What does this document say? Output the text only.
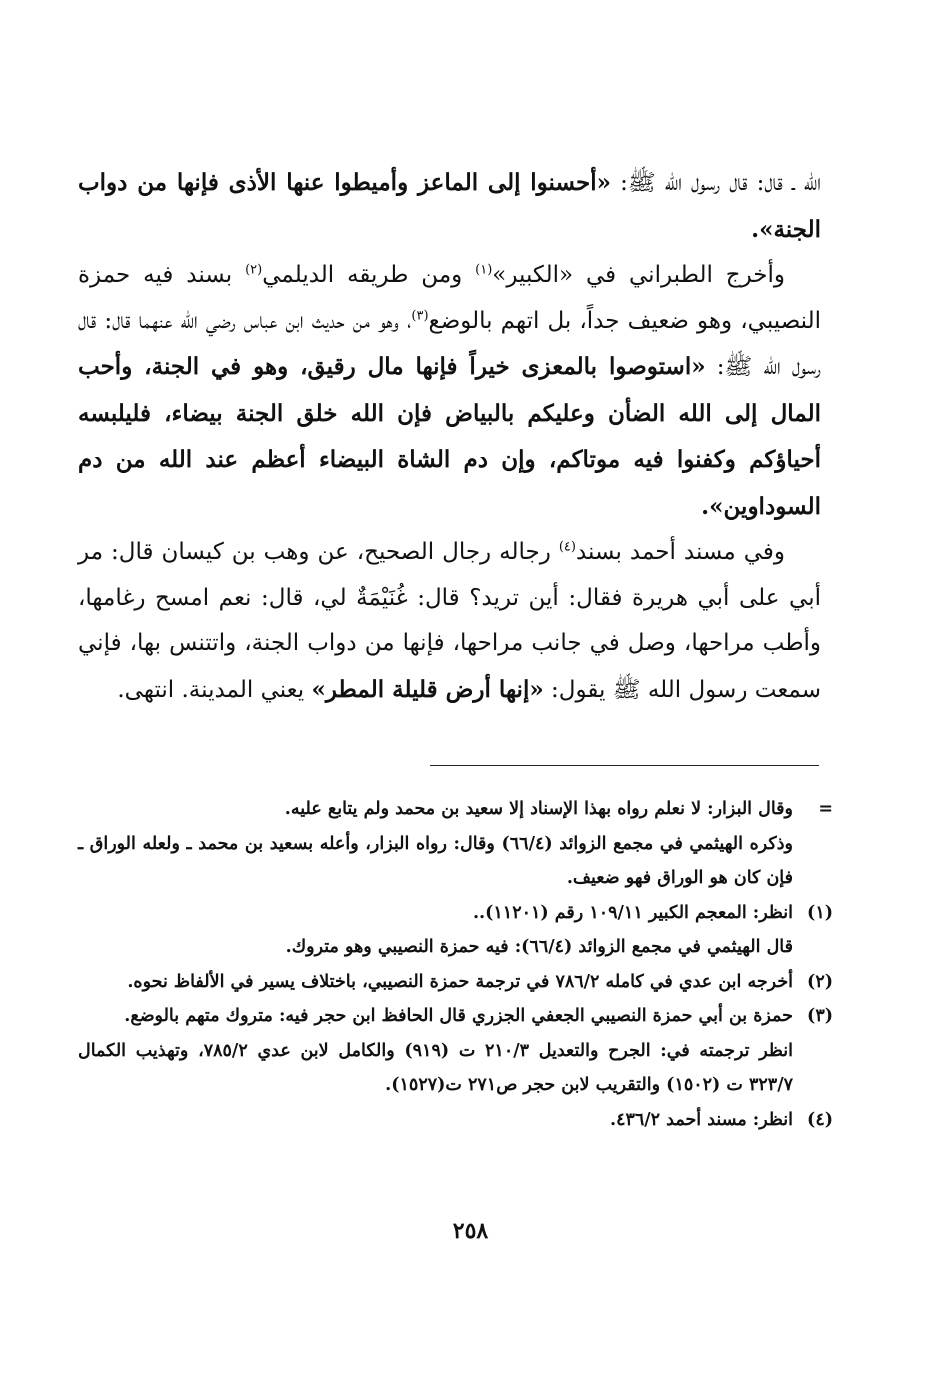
الله ـ قال: قال رسول الله ﷺ: «أحسنوا إلى الماعز وأميطوا عنها الأذى فإنها من دواب الجنة».

وأخرج الطبراني في «الكبير»$^{(١)}$ ومن طريقه الديلمي$^{(٢)}$ بسند فيه حمزة النصيبي، وهو ضعيف جداً، بل اتهم بالوضع$^{(٣)}$، وهو من حديث ابن عباس رضي الله عنهما قال: قال رسول الله ﷺ: «استوصوا بالمعزى خيراً فإنها مال رقيق، وهو في الجنة، وأحب المال إلى الله الضأن وعليكم بالبياض فإن الله خلق الجنة بيضاء، فليلبسه أحياؤكم وكفنوا فيه موتاكم، وإن دم الشاة البيضاء أعظم عند الله من دم السوداوين».

وفي مسند أحمد بسند$^{(٤)}$ رجاله رجال الصحيح، عن وهب بن كيسان قال: مر أبي على أبي هريرة فقال: أين تريد؟ قال: غُنَيْمَةٌ لي، قال: نعم امسح رغامها، وأطب مراحها، وصل في جانب مراحها، فإنها من دواب الجنة، واتتنس بها، فإني سمعت رسول الله ﷺ يقول: «إنها أرض قليلة المطر» يعني المدينة. انتهى.

=
وقال البزار: لا نعلم رواه بهذا الإسناد إلا سعيد بن محمد ولم يتابع عليه.
وذكره الهيثمي في مجمع الزوائد (٦٦/٤) وقال: رواه البزار، وأعله بسعيد بن محمد ـ ولعله الوراق ـ فإن كان هو الوراق فهو ضعيف.
(١)
انظر: المعجم الكبير ١٠٩/١١ رقم (١١٢٠١)..
قال الهيثمي في مجمع الزوائد (٦٦/٤): فيه حمزة النصيبي وهو متروك.
(٢)
أخرجه ابن عدي في كامله ٧٨٦/٢ في ترجمة حمزة النصيبي، باختلاف يسير في الألفاظ نحوه.
(٣)
حمزة بن أبي حمزة النصيبي الجعفي الجزري قال الحافظ ابن حجر فيه: متروك متهم بالوضع.
انظر ترجمته في: الجرح والتعديل ٢١٠/٣ ت (٩١٩) والكامل لابن عدي ٧٨٥/٢، وتهذيب الكمال ٣٢٣/٧ ت (١٥٠٢) والتقريب لابن حجر ص٢٧١ ت(١٥٢٧).
(٤)
انظر: مسند أحمد ٤٣٦/٢.
٢٥٨
